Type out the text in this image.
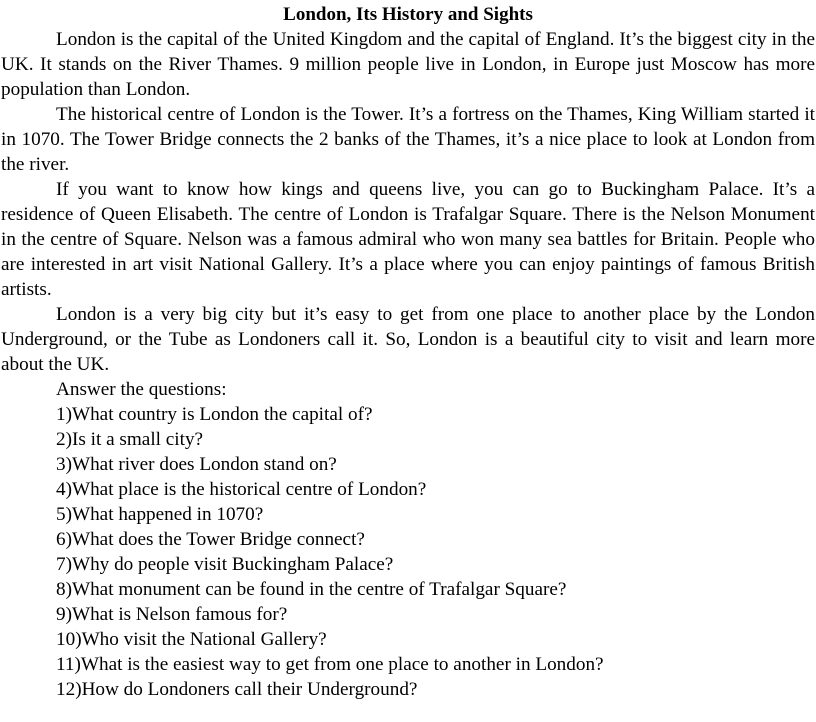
London, Its History and Sights

London is the capital of the United Kingdom and the capital of England. It’s the biggest city in the UK. It stands on the River Thames. 9 million people live in London, in Europe just Moscow has more population than London.

The historical centre of London is the Tower. It’s a fortress on the Thames, King William started it in 1070. The Tower Bridge connects the 2 banks of the Thames, it’s a nice place to look at London from the river.

If you want to know how kings and queens live, you can go to Buckingham Palace. It’s a residence of Queen Elisabeth. The centre of London is Trafalgar Square. There is the Nelson Monument in the centre of Square. Nelson was a famous admiral who won many sea battles for Britain. People who are interested in art visit National Gallery. It’s a place where you can enjoy paintings of famous British artists.

London is a very big city but it’s easy to get from one place to another place by the London Underground, or the Tube as Londoners call it. So, London is a beautiful city to visit and learn more about the UK.

Answer the questions:

1)What country is London the capital of?
2)Is it a small city?
3)What river does London stand on?
4)What place is the historical centre of London?
5)What happened in 1070?
6)What does the Tower Bridge connect?
7)Why do people visit Buckingham Palace?
8)What monument can be found in the centre of Trafalgar Square?
9)What is Nelson famous for?
10)Who visit the National Gallery?
11)What is the easiest way to get from one place to another in London?
12)How do Londoners call their Underground?
